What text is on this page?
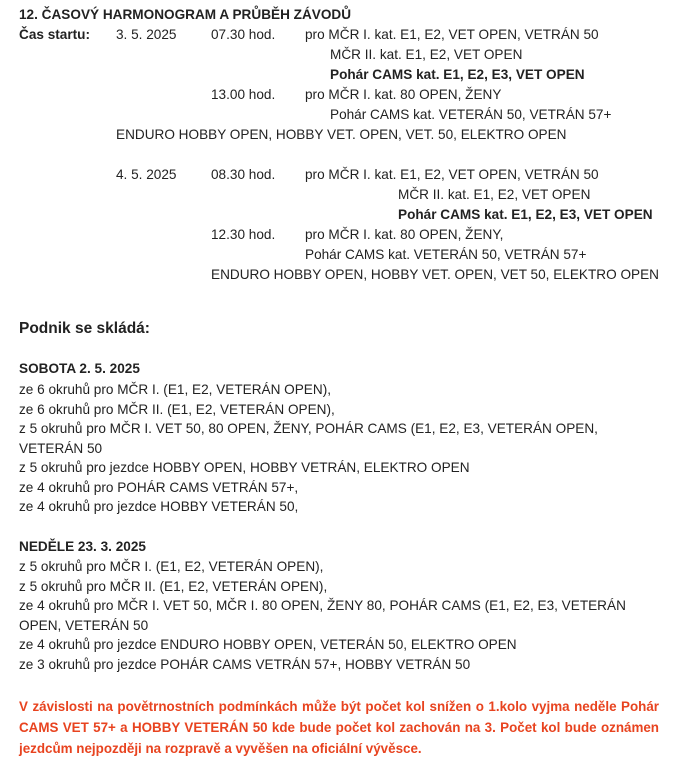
12. ČASOVÝ HARMONOGRAM A PRŮBĚH ZÁVODŮ
Čas startu: 3. 5. 2025	07.30 hod. pro MČR I. kat. E1, E2, VET OPEN, VETRÁN 50
MČR II. kat. E1, E2, VET OPEN
Pohár CAMS kat. E1, E2, E3, VET OPEN
13.00 hod. pro MČR I. kat. 80 OPEN, ŽENY
Pohár CAMS kat. VETERÁN 50, VETRÁN 57+
ENDURO HOBBY OPEN, HOBBY VET. OPEN, VET. 50, ELEKTRO OPEN
4. 5. 2025	08.30 hod. pro MČR I. kat. E1, E2, VET OPEN, VETRÁN 50
MČR II. kat. E1, E2, VET OPEN
Pohár CAMS kat. E1, E2, E3, VET OPEN
12.30 hod. pro MČR I. kat. 80 OPEN, ŽENY,
Pohár CAMS kat. VETERÁN 50, VETRÁN 57+
ENDURO HOBBY OPEN, HOBBY VET. OPEN, VET 50, ELEKTRO OPEN
Podnik se skládá:
SOBOTA 2. 5. 2025
ze 6 okruhů pro MČR I. (E1, E2, VETERÁN OPEN),
ze 6 okruhů pro MČR II. (E1, E2, VETERÁN OPEN),
z 5 okruhů pro MČR I. VET 50, 80 OPEN, ŽENY, POHÁR CAMS (E1, E2, E3, VETERÁN OPEN, VETERÁN 50
z 5 okruhů pro jezdce HOBBY OPEN, HOBBY VETRÁN, ELEKTRO OPEN
ze 4 okruhů pro POHÁR CAMS VETRÁN 57+,
ze 4 okruhů pro jezdce HOBBY VETERÁN 50,
NEDĚLE 23. 3. 2025
z 5 okruhů pro MČR I. (E1, E2, VETERÁN OPEN),
z 5 okruhů pro MČR II. (E1, E2, VETERÁN OPEN),
ze 4 okruhů pro MČR I. VET 50, MČR I. 80 OPEN, ŽENY 80, POHÁR CAMS (E1, E2, E3, VETERÁN OPEN, VETERÁN 50
ze 4 okruhů pro jezdce ENDURO HOBBY OPEN, VETERÁN 50, ELEKTRO OPEN
ze 3 okruhů pro jezdce POHÁR CAMS VETRÁN 57+, HOBBY VETRÁN 50
V závislosti na povětrnostních podmínkách může být počet kol snížen o 1.kolo vyjma neděle Pohár CAMS VET 57+ a HOBBY VETERÁN 50 kde bude počet kol zachován na 3. Počet kol bude oznámen jezdcům nejpozději na rozpravě a vyvěšen na oficiální vývěsce.
